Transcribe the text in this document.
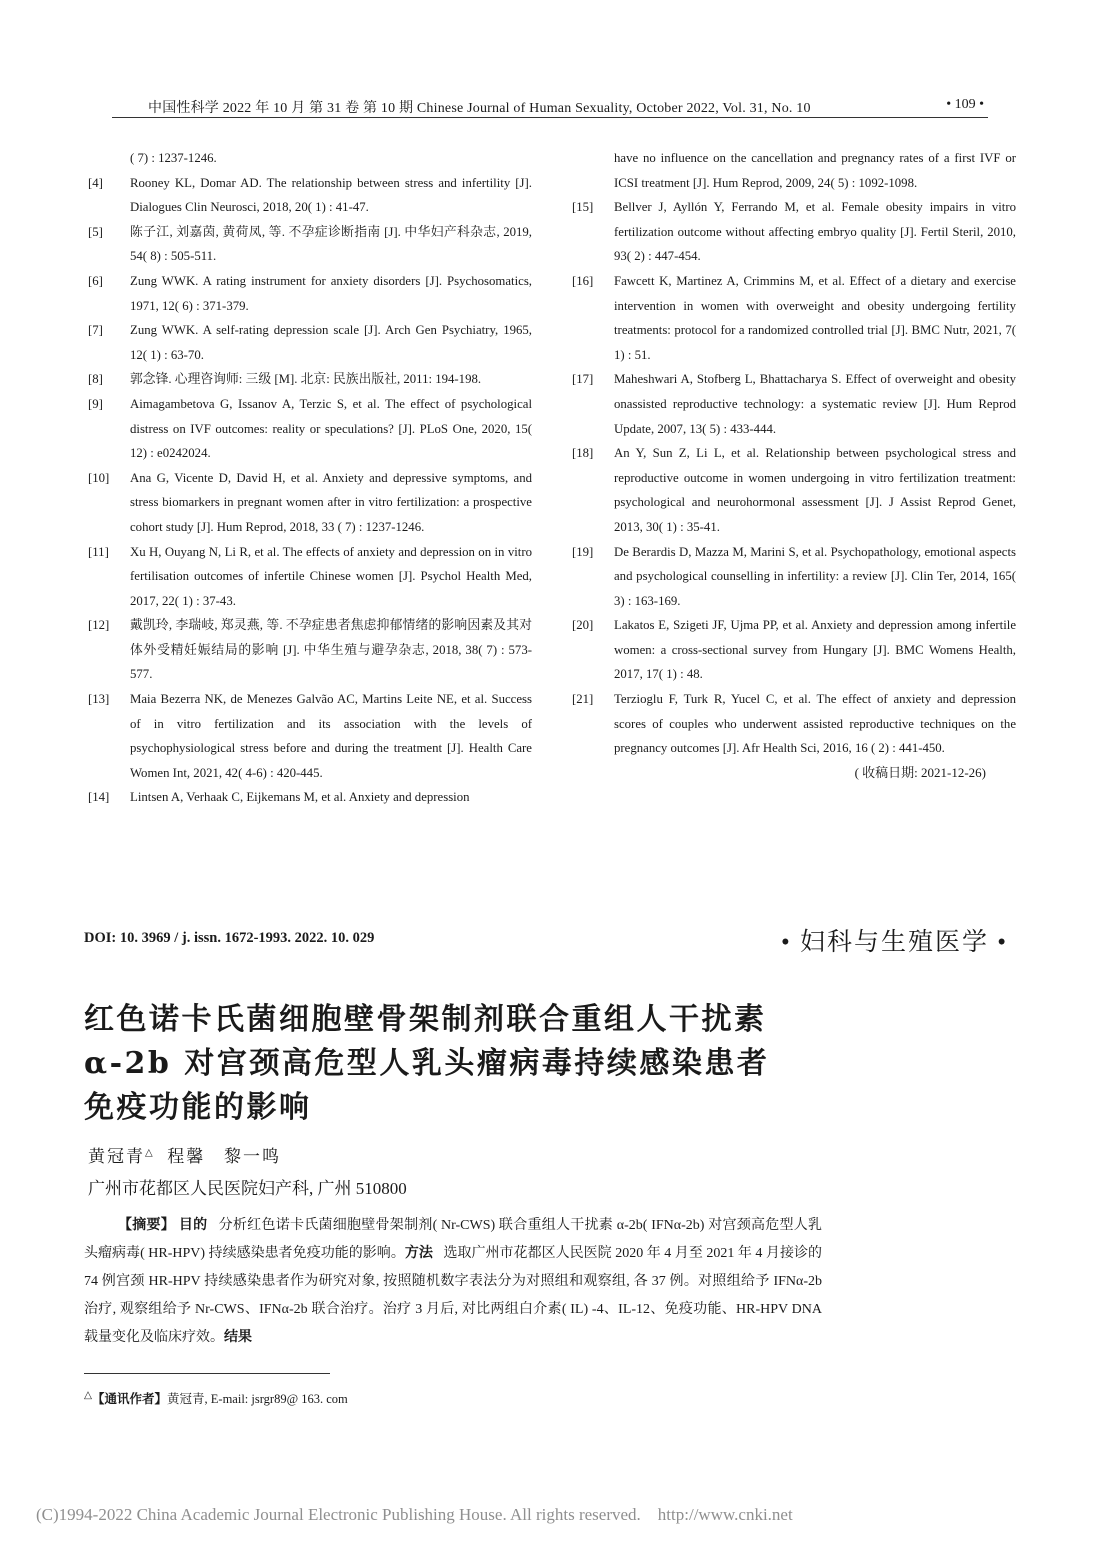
中国性科学 2022 年 10 月 第 31 卷 第 10 期 Chinese Journal of Human Sexuality, October 2022, Vol. 31, No. 10	• 109 •
( 7) : 1237-1246.
[4]	Rooney KL, Domar AD. The relationship between stress and infertility [J]. Dialogues Clin Neurosci, 2018, 20( 1) : 41-47.
[5]	陈子江, 刘嘉茵, 黄荷凤, 等. 不孕症诊断指南 [J]. 中华妇产科杂志, 2019, 54( 8) : 505-511.
[6]	Zung WWK. A rating instrument for anxiety disorders [J]. Psychosomatics, 1971, 12( 6) : 371-379.
[7]	Zung WWK. A self-rating depression scale [J]. Arch Gen Psychiatry, 1965, 12( 1) : 63-70.
[8]	郭念锋. 心理咨询师: 三级 [M]. 北京: 民族出版社, 2011: 194-198.
[9]	Aimagambetova G, Issanov A, Terzic S, et al. The effect of psychological distress on IVF outcomes: reality or speculations? [J]. PLoS One, 2020, 15( 12) : e0242024.
[10]	Ana G, Vicente D, David H, et al. Anxiety and depressive symptoms, and stress biomarkers in pregnant women after in vitro fertilization: a prospective cohort study [J]. Hum Reprod, 2018, 33 ( 7) : 1237-1246.
[11]	Xu H, Ouyang N, Li R, et al. The effects of anxiety and depression on in vitro fertilisation outcomes of infertile Chinese women [J]. Psychol Health Med, 2017, 22( 1) : 37-43.
[12]	戴凯玲, 李瑞岐, 郑灵燕, 等. 不孕症患者焦虑抑郁情绪的影响因素及其对体外受精妊娠结局的影响 [J]. 中华生殖与避孕杂志, 2018, 38( 7) : 573-577.
[13]	Maia Bezerra NK, de Menezes Galvão AC, Martins Leite NE, et al. Success of in vitro fertilization and its association with the levels of psychophysiological stress before and during the treatment [J]. Health Care Women Int, 2021, 42( 4-6) : 420-445.
[14]	Lintsen A, Verhaak C, Eijkemans M, et al. Anxiety and depression
have no influence on the cancellation and pregnancy rates of a first IVF or ICSI treatment [J]. Hum Reprod, 2009, 24( 5) : 1092-1098.
[15]	Bellver J, Ayllón Y, Ferrando M, et al. Female obesity impairs in vitro fertilization outcome without affecting embryo quality [J]. Fertil Steril, 2010, 93( 2) : 447-454.
[16]	Fawcett K, Martinez A, Crimmins M, et al. Effect of a dietary and exercise intervention in women with overweight and obesity undergoing fertility treatments: protocol for a randomized controlled trial [J]. BMC Nutr, 2021, 7( 1) : 51.
[17]	Maheshwari A, Stofberg L, Bhattacharya S. Effect of overweight and obesity onassisted reproductive technology: a systematic review [J]. Hum Reprod Update, 2007, 13( 5) : 433-444.
[18]	An Y, Sun Z, Li L, et al. Relationship between psychological stress and reproductive outcome in women undergoing in vitro fertilization treatment: psychological and neurohormonal assessment [J]. J Assist Reprod Genet, 2013, 30( 1) : 35-41.
[19]	De Berardis D, Mazza M, Marini S, et al. Psychopathology, emotional aspects and psychological counselling in infertility: a review [J]. Clin Ter, 2014, 165( 3) : 163-169.
[20]	Lakatos E, Szigeti JF, Ujma PP, et al. Anxiety and depression among infertile women: a cross-sectional survey from Hungary [J]. BMC Womens Health, 2017, 17( 1) : 48.
[21]	Terzioglu F, Turk R, Yucel C, et al. The effect of anxiety and depression scores of couples who underwent assisted reproductive techniques on the pregnancy outcomes [J]. Afr Health Sci, 2016, 16 ( 2) : 441-450.
( 收稿日期: 2021-12-26)
DOI: 10. 3969 / j. issn. 1672-1993. 2022. 10. 029	• 妇科与生殖医学 •
红色诺卡氏菌细胞壁骨架制剂联合重组人干扰素
α-2b 对宫颈高危型人乳头瘤病毒持续感染患者
免疫功能的影响
黄冠青△  程馨   黎一鸣
广州市花都区人民医院妇产科, 广州 510800
【摘要】 目的 分析红色诺卡氏菌细胞壁骨架制剂( Nr-CWS) 联合重组人干扰素 α-2b( IFNα-2b) 对宫颈高危型人乳头瘤病毒( HR-HPV) 持续感染患者免疫功能的影响。方法 选取广州市花都区人民医院 2020 年 4 月至 2021 年 4 月接诊的 74 例宫颈 HR-HPV 持续感染患者作为研究对象, 按照随机数字表法分为对照组和观察组, 各 37 例。对照组给予 IFNα-2b 治疗, 观察组给予 Nr-CWS、IFNα-2b 联合治疗。治疗 3 月后, 对比两组白介素( IL) -4、IL-12、免疫功能、HR-HPV DNA 载量变化及临床疗效。结果
△【通讯作者】黄冠青, E-mail: jsrgr89@ 163. com
(C)1994-2022 China Academic Journal Electronic Publishing House. All rights reserved.    http://www.cnki.net
